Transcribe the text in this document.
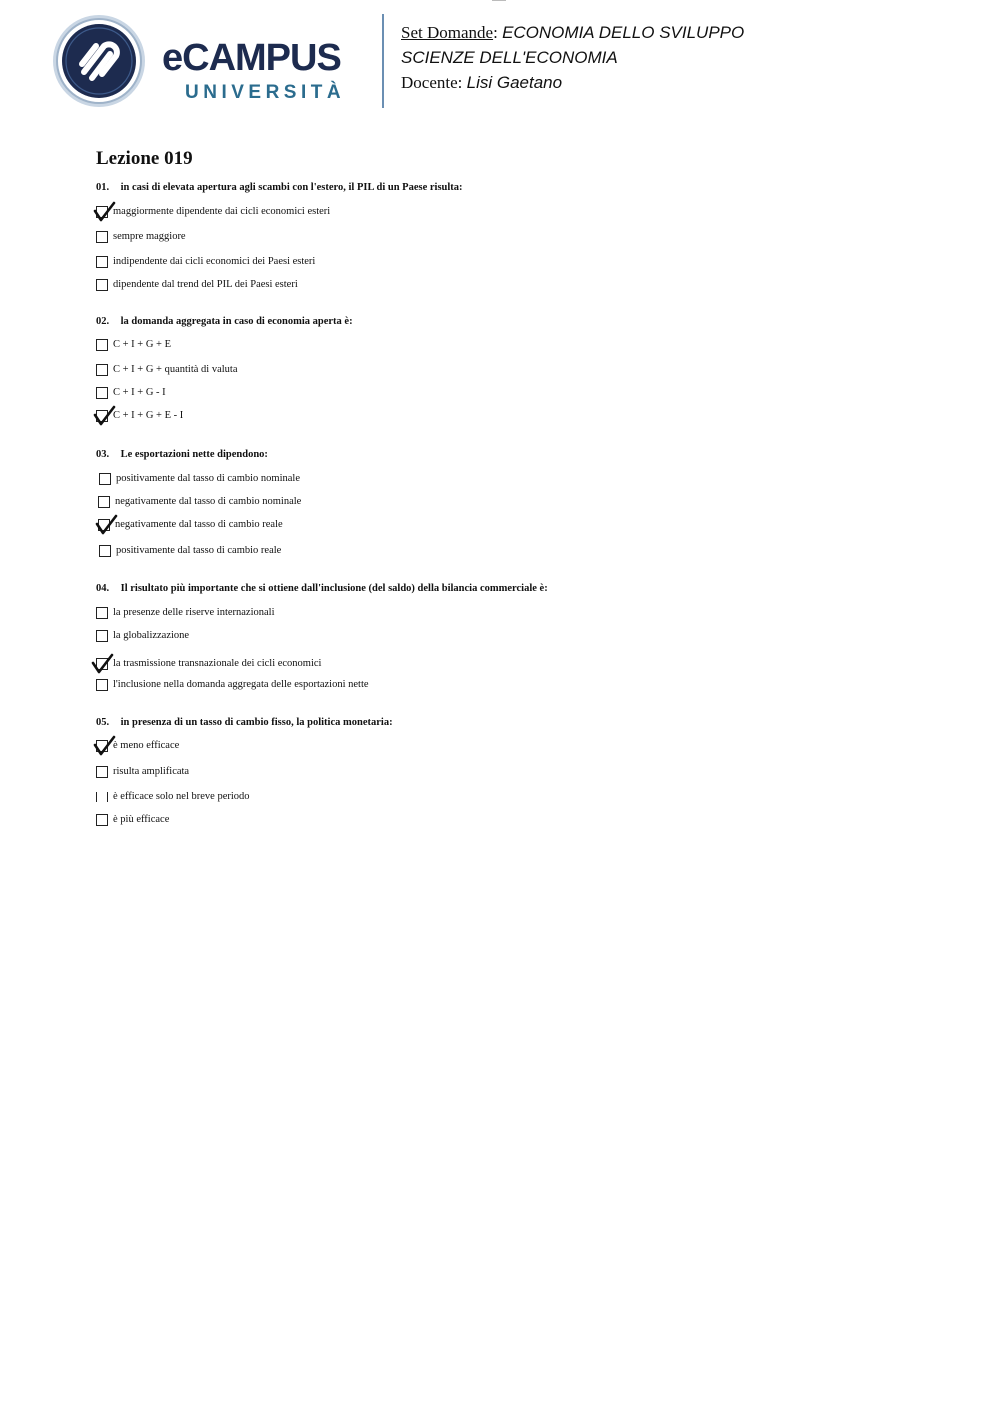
eCAMPUS
UNIVERSITÀ
Set Domande: ECONOMIA DELLO SVILUPPO
SCIENZE DELL'ECONOMIA
Docente: Lisi Gaetano
Lezione 019
01. in casi di elevata apertura agli scambi con l'estero, il PIL di un Paese risulta:
maggiormente dipendente dai cicli economici esteri
sempre maggiore
indipendente dai cicli economici dei Paesi esteri
dipendente dal trend del PIL dei Paesi esteri
02. la domanda aggregata in caso di economia aperta è:
C + I + G + E
C + I + G + quantità di valuta
C + I + G - I
C + I + G + E - I
03. Le esportazioni nette dipendono:
positivamente dal tasso di cambio nominale
negativamente dal tasso di cambio nominale
negativamente dal tasso di cambio reale
positivamente dal tasso di cambio reale
04. Il risultato più importante che si ottiene dall'inclusione (del saldo) della bilancia commerciale è:
la presenze delle riserve internazionali
la globalizzazione
la trasmissione transnazionale dei cicli economici
l'inclusione nella domanda aggregata delle esportazioni nette
05. in presenza di un tasso di cambio fisso, la politica monetaria:
è meno efficace
risulta amplificata
è efficace solo nel breve periodo
è più efficace
